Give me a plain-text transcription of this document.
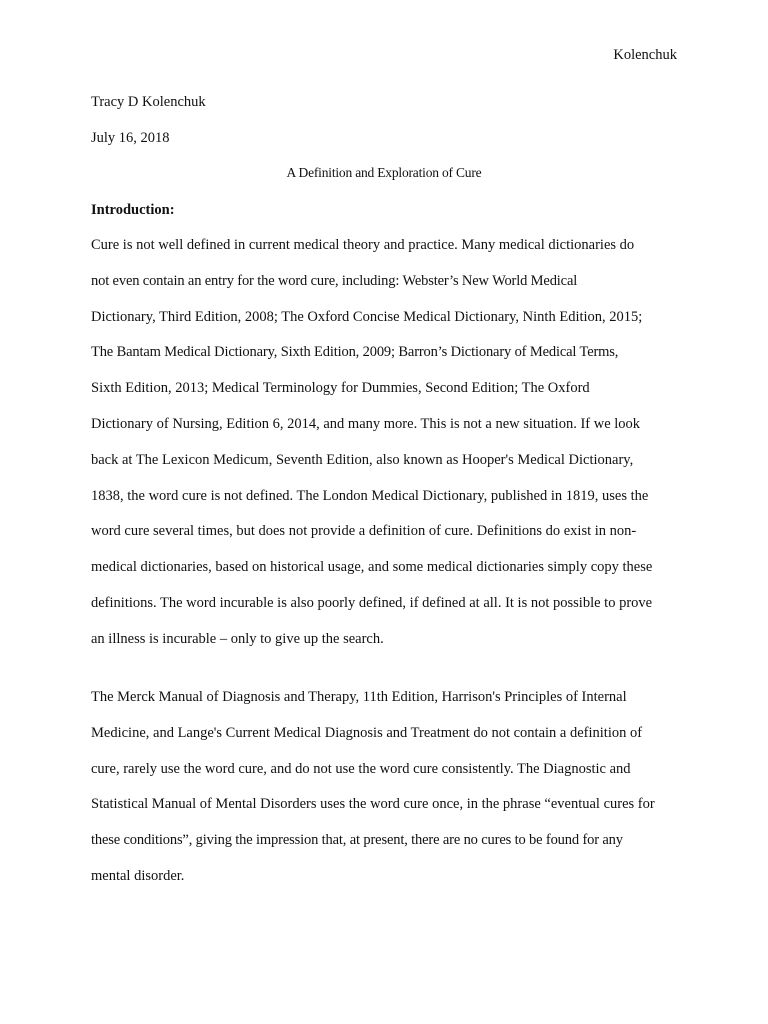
Kolenchuk
Tracy D Kolenchuk
July 16, 2018
A Definition and Exploration of Cure
Introduction:
Cure is not well defined in current medical theory and practice. Many medical dictionaries do
not even contain an entry for the word cure, including: Webster’s New World Medical
Dictionary, Third Edition, 2008; The Oxford Concise Medical Dictionary, Ninth Edition, 2015;
The Bantam Medical Dictionary, Sixth Edition, 2009; Barron’s Dictionary of Medical Terms,
Sixth Edition, 2013; Medical Terminology for Dummies, Second Edition; The Oxford
Dictionary of Nursing, Edition 6, 2014, and many more. This is not a new situation. If we look
back at The Lexicon Medicum, Seventh Edition, also known as Hooper's Medical Dictionary,
1838, the word cure is not defined. The London Medical Dictionary, published in 1819, uses the
word cure several times, but does not provide a definition of cure. Definitions do exist in non-
medical dictionaries, based on historical usage, and some medical dictionaries simply copy these
definitions. The word incurable is also poorly defined, if defined at all. It is not possible to prove
an illness is incurable – only to give up the search.
The Merck Manual of Diagnosis and Therapy, 11th Edition, Harrison's Principles of Internal
Medicine, and Lange's Current Medical Diagnosis and Treatment do not contain a definition of
cure, rarely use the word cure, and do not use the word cure consistently. The Diagnostic and
Statistical Manual of Mental Disorders uses the word cure once, in the phrase “eventual cures for
these conditions”, giving the impression that, at present, there are no cures to be found for any
mental disorder.
